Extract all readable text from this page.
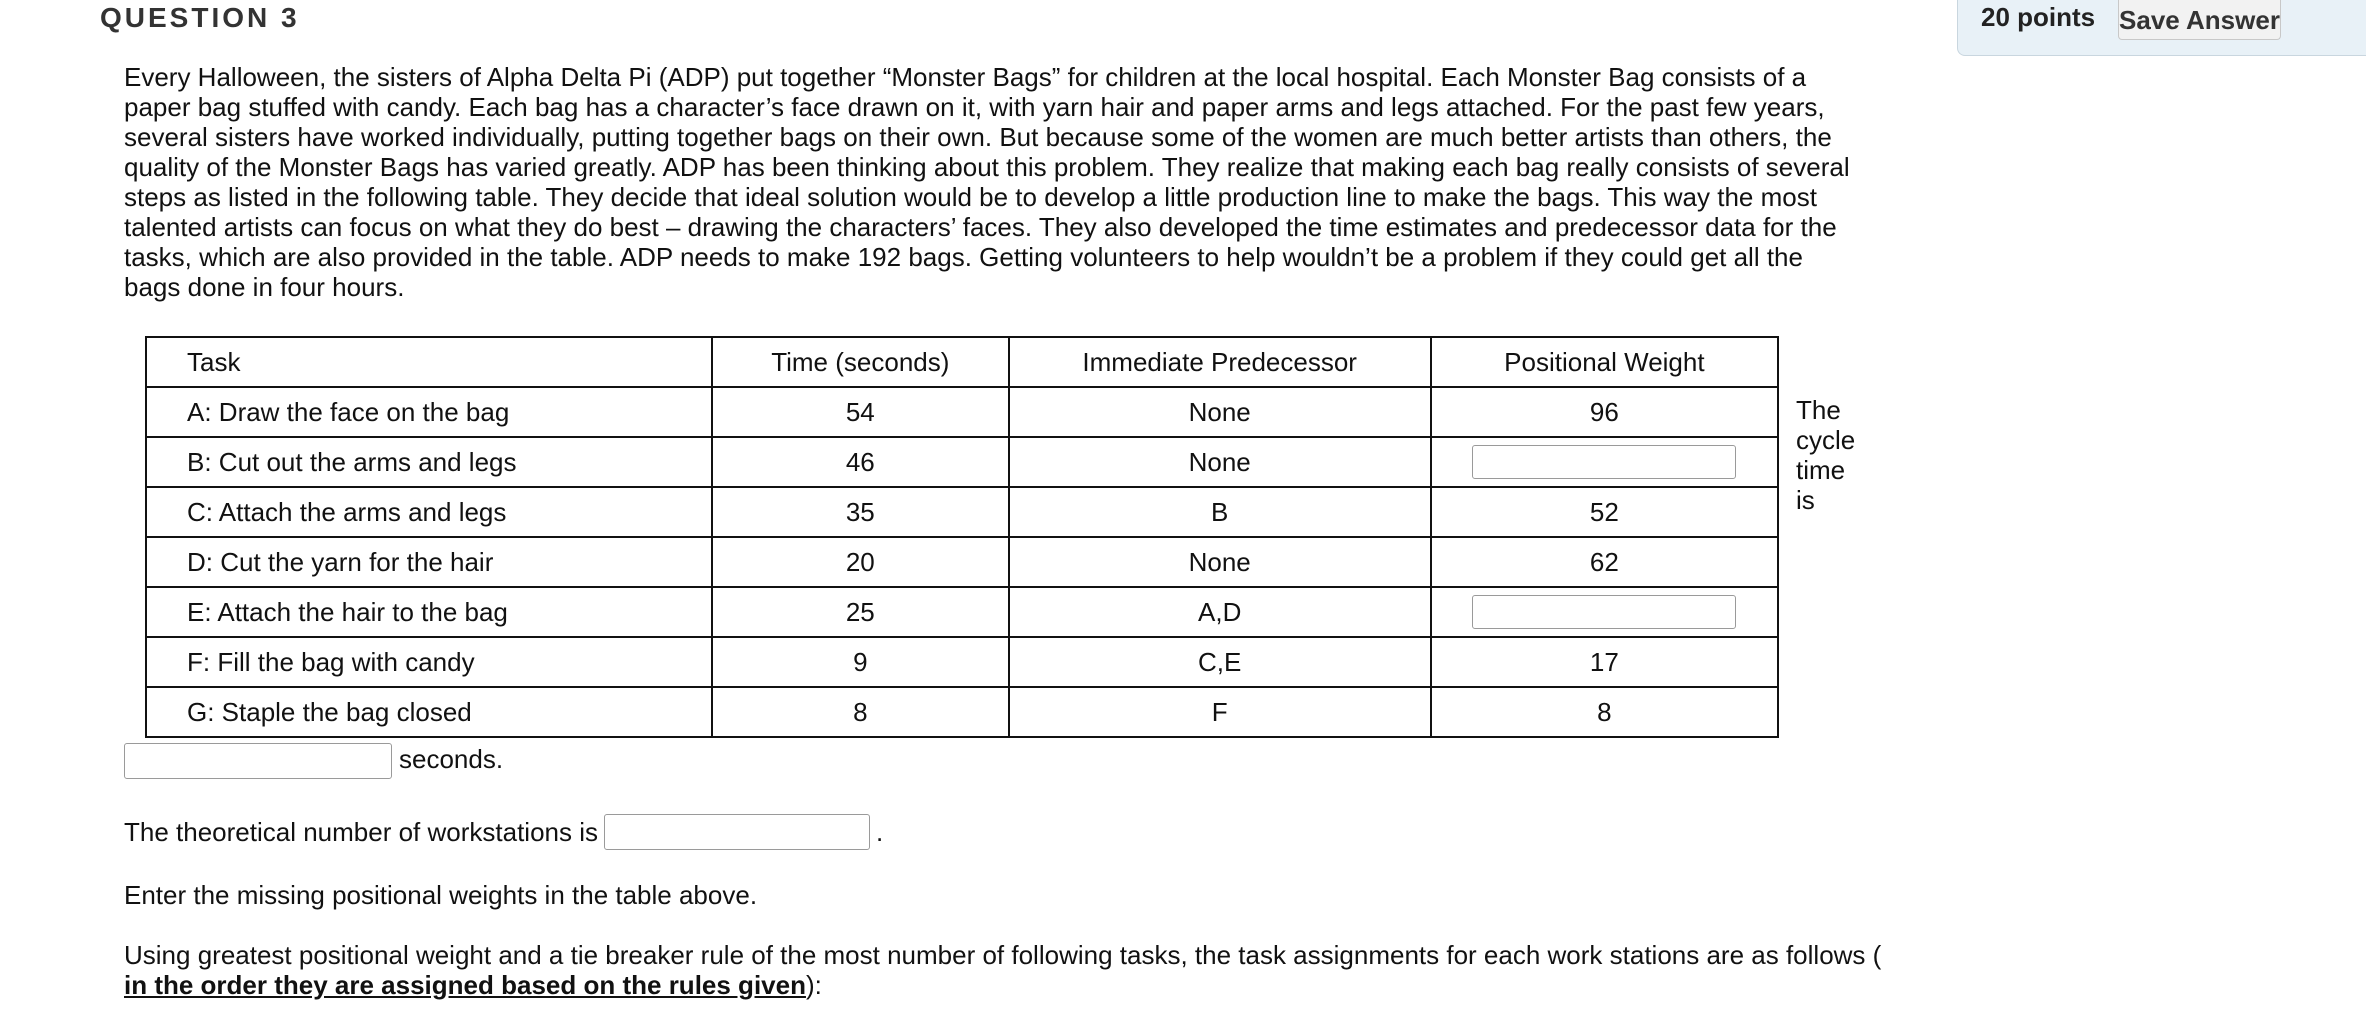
QUESTION 3	20 points Save Answer

Every Halloween, the sisters of Alpha Delta Pi (ADP) put together “Monster Bags” for children at the local hospital. Each Monster Bag consists of a paper bag stuffed with candy. Each bag has a character’s face drawn on it, with yarn hair and paper arms and legs attached. For the past few years, several sisters have worked individually, putting together bags on their own. But because some of the women are much better artists than others, the quality of the Monster Bags has varied greatly. ADP has been thinking about this problem. They realize that making each bag really consists of several steps as listed in the following table. They decide that ideal solution would be to develop a little production line to make the bags. This way the most talented artists can focus on what they do best – drawing the characters’ faces. They also developed the time estimates and predecessor data for the tasks, which are also provided in the table. ADP needs to make 192 bags. Getting volunteers to help wouldn’t be a problem if they could get all the bags done in four hours.

Task	Time (seconds)	Immediate Predecessor	Positional Weight
A: Draw the face on the bag	54	None	96
B: Cut out the arms and legs	46	None	
C: Attach the arms and legs	35	B	52
D: Cut the yarn for the hair	20	None	62
E: Attach the hair to the bag	25	A,D	
F: Fill the bag with candy	9	C,E	17
G: Staple the bag closed	8	F	8
The cycle time is
seconds.
The theoretical number of workstations is	.
Enter the missing positional weights in the table above.

Using greatest positional weight and a tie breaker rule of the most number of following tasks, the task assignments for each work stations are as follows ( in the order they are assigned based on the rules given):
